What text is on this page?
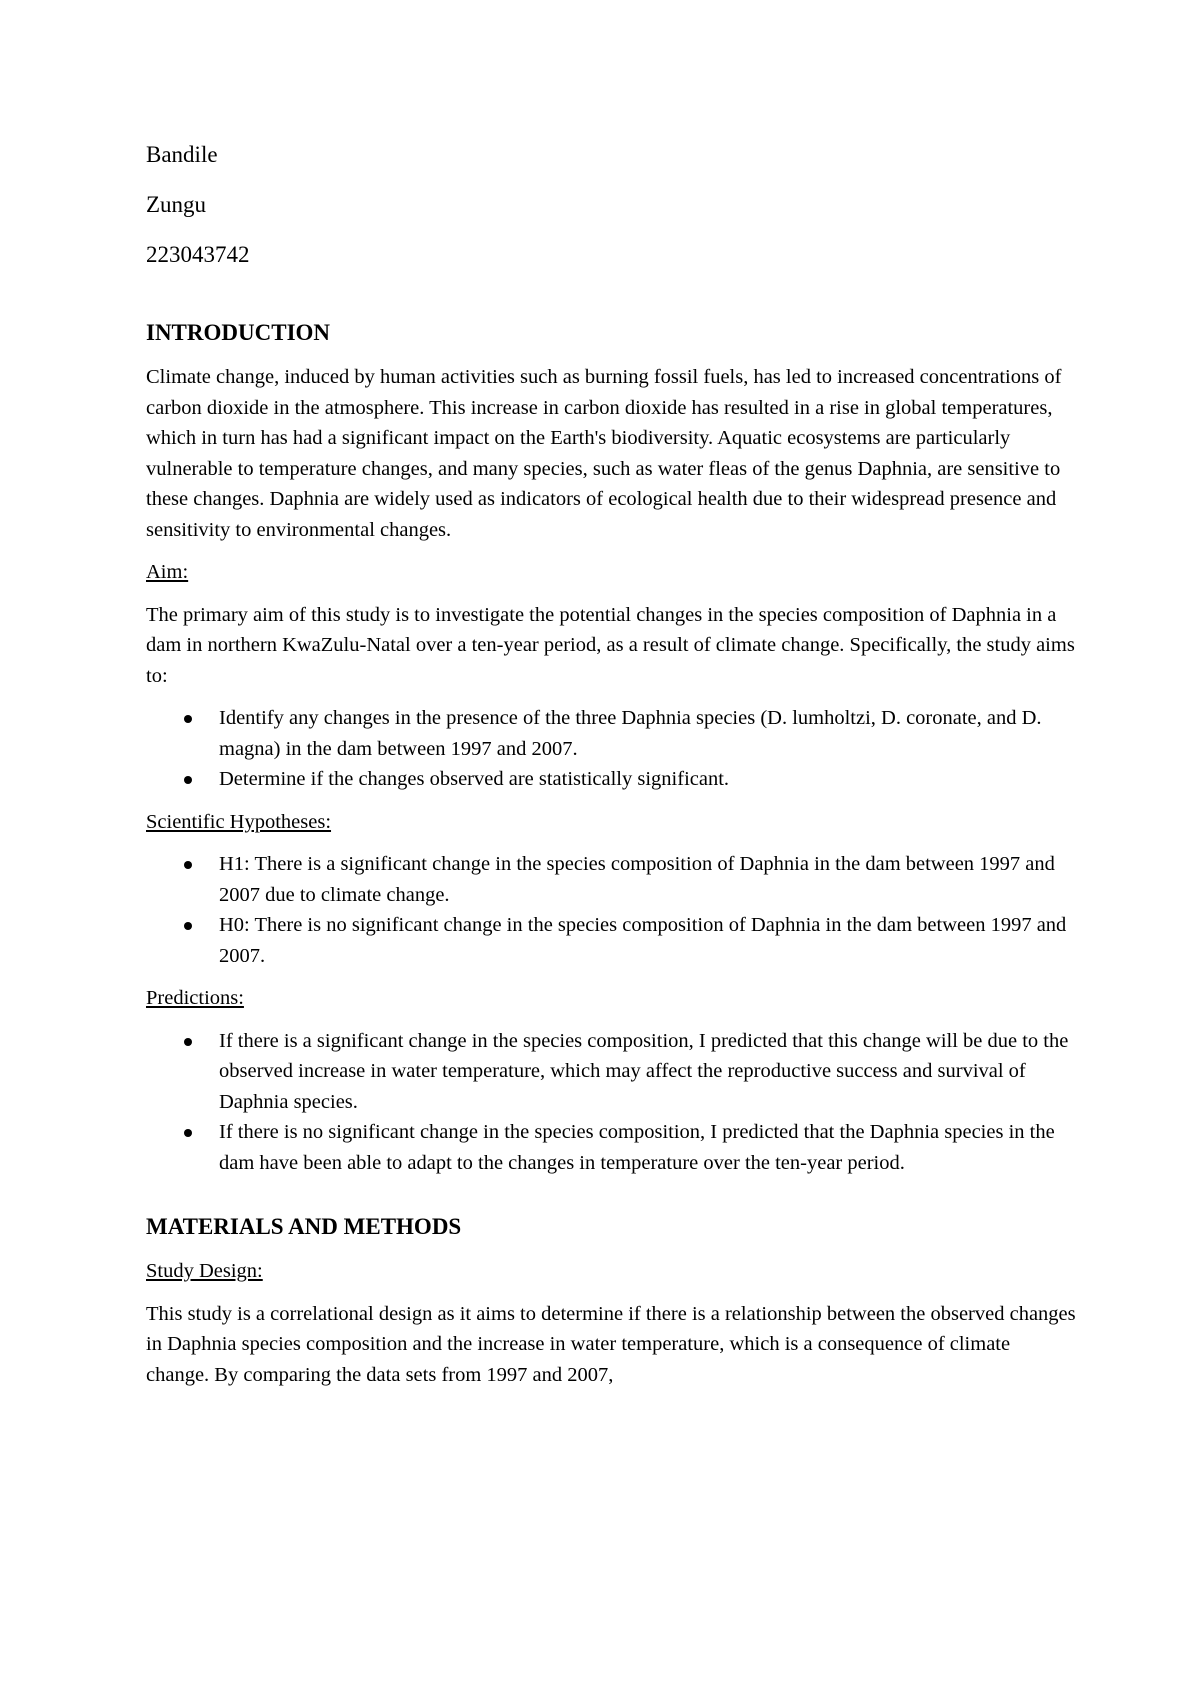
Bandile

Zungu

223043742

INTRODUCTION

Climate change, induced by human activities such as burning fossil fuels, has led to increased concentrations of carbon dioxide in the atmosphere. This increase in carbon dioxide has resulted in a rise in global temperatures, which in turn has had a significant impact on the Earth's biodiversity. Aquatic ecosystems are particularly vulnerable to temperature changes, and many species, such as water fleas of the genus Daphnia, are sensitive to these changes. Daphnia are widely used as indicators of ecological health due to their widespread presence and sensitivity to environmental changes.

Aim:

The primary aim of this study is to investigate the potential changes in the species composition of Daphnia in a dam in northern KwaZulu-Natal over a ten-year period, as a result of climate change. Specifically, the study aims to:

Identify any changes in the presence of the three Daphnia species (D. lumholtzi, D. coronate, and D. magna) in the dam between 1997 and 2007.
Determine if the changes observed are statistically significant.

Scientific Hypotheses:

H1: There is a significant change in the species composition of Daphnia in the dam between 1997 and 2007 due to climate change.
H0: There is no significant change in the species composition of Daphnia in the dam between 1997 and 2007.

Predictions:

If there is a significant change in the species composition, I predicted that this change will be due to the observed increase in water temperature, which may affect the reproductive success and survival of Daphnia species.
If there is no significant change in the species composition, I predicted that the Daphnia species in the dam have been able to adapt to the changes in temperature over the ten-year period.
MATERIALS AND METHODS

Study Design:

This study is a correlational design as it aims to determine if there is a relationship between the observed changes in Daphnia species composition and the increase in water temperature, which is a consequence of climate change. By comparing the data sets from 1997 and 2007,
